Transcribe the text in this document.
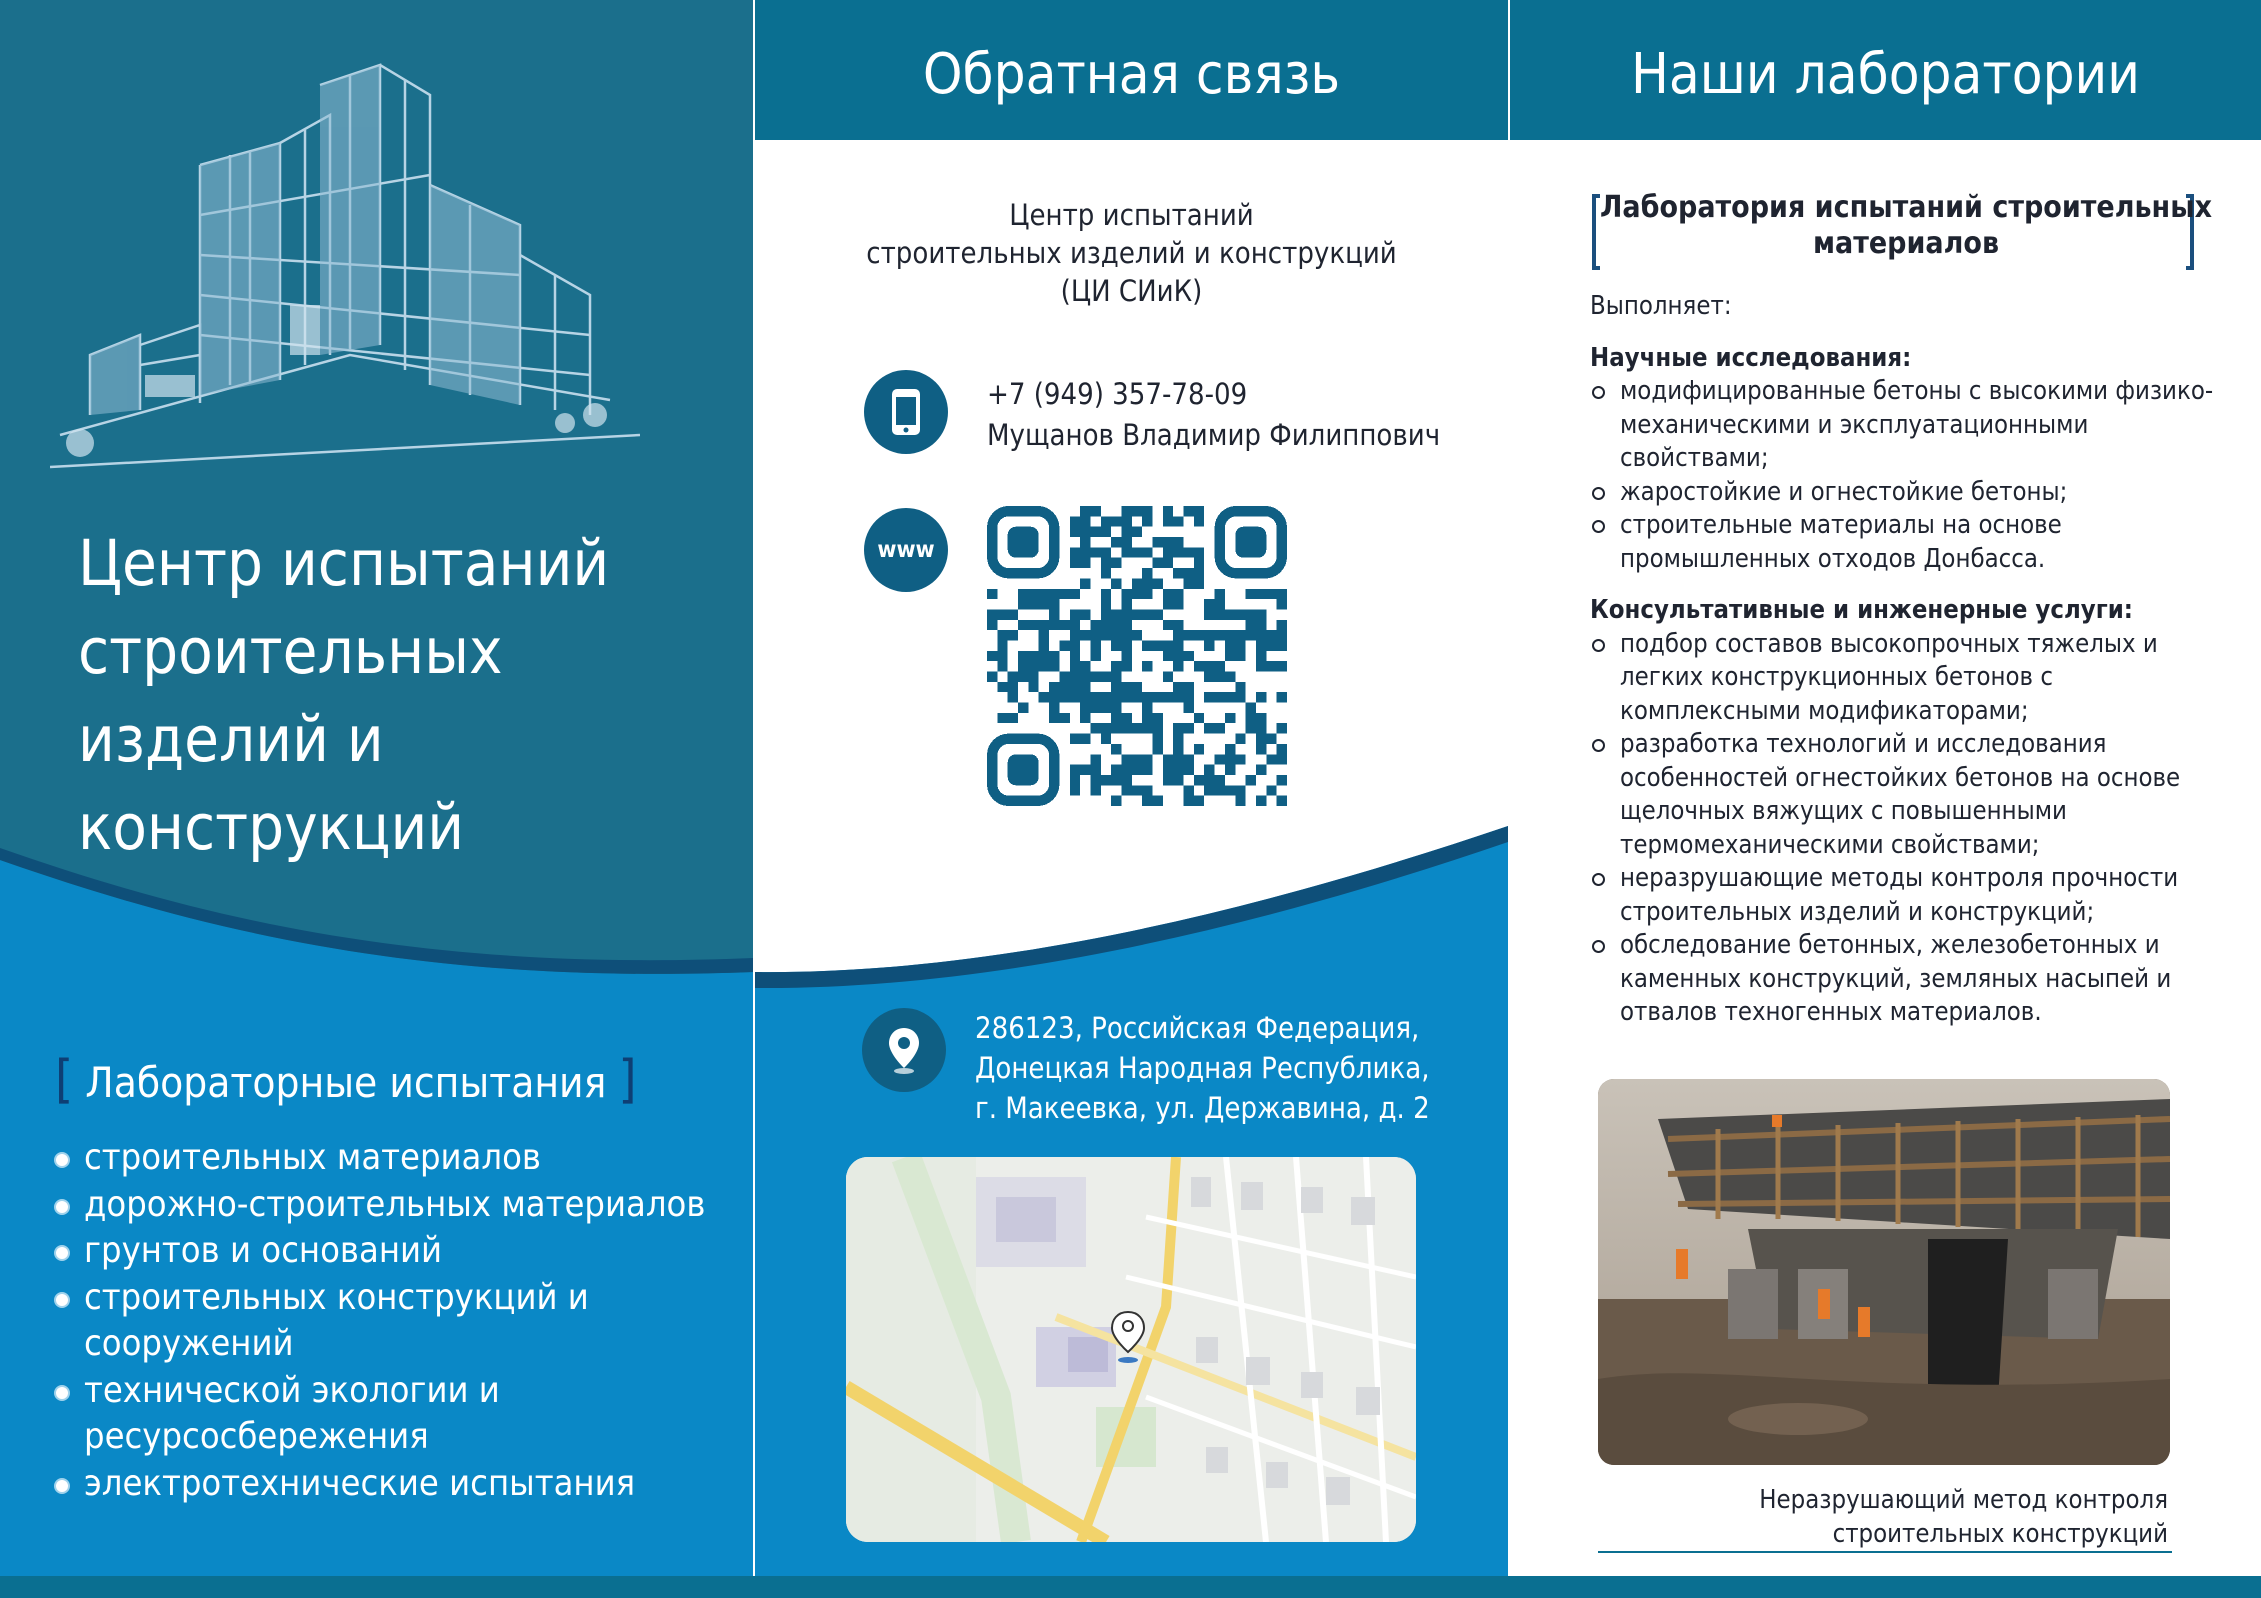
Центр испытаний
строительных
изделий и
конструкций
[ Лабораторные испытания ]
строительных материалов
дорожно-строительных материалов
грунтов и оснований
строительных конструкций и сооружений
технической экологии и ресурсосбережения
электротехнические испытания
Обратная связь
Центр испытаний
строительных изделий и конструкций
(ЦИ СИиК)
+7 (949) 357-78-09
Мущанов Владимир Филиппович
www
286123, Российская Федерация,
Донецкая Народная Республика,
г. Макеевка, ул. Державина, д. 2
Наши лаборатории
Лаборатория испытаний строительных материалов
Выполняет:
Научные исследования:
модифицированные бетоны с высокими физико-механическими и эксплуатационными свойствами;
жаростойкие и огнестойкие бетоны;
строительные материалы на основе промышленных отходов Донбасса.
Консультативные и инженерные услуги:
подбор составов высокопрочных тяжелых и легких конструкционных бетонов с комплексными модификаторами;
разработка технологий и исследования особенностей огнестойких бетонов на основе щелочных вяжущих с повышенными термомеханическими свойствами;
неразрушающие методы контроля прочности строительных изделий и конструкций;
обследование бетонных, железобетонных и каменных конструкций, земляных насыпей и отвалов техногенных материалов.
Неразрушающий метод контроля
строительных конструкций
